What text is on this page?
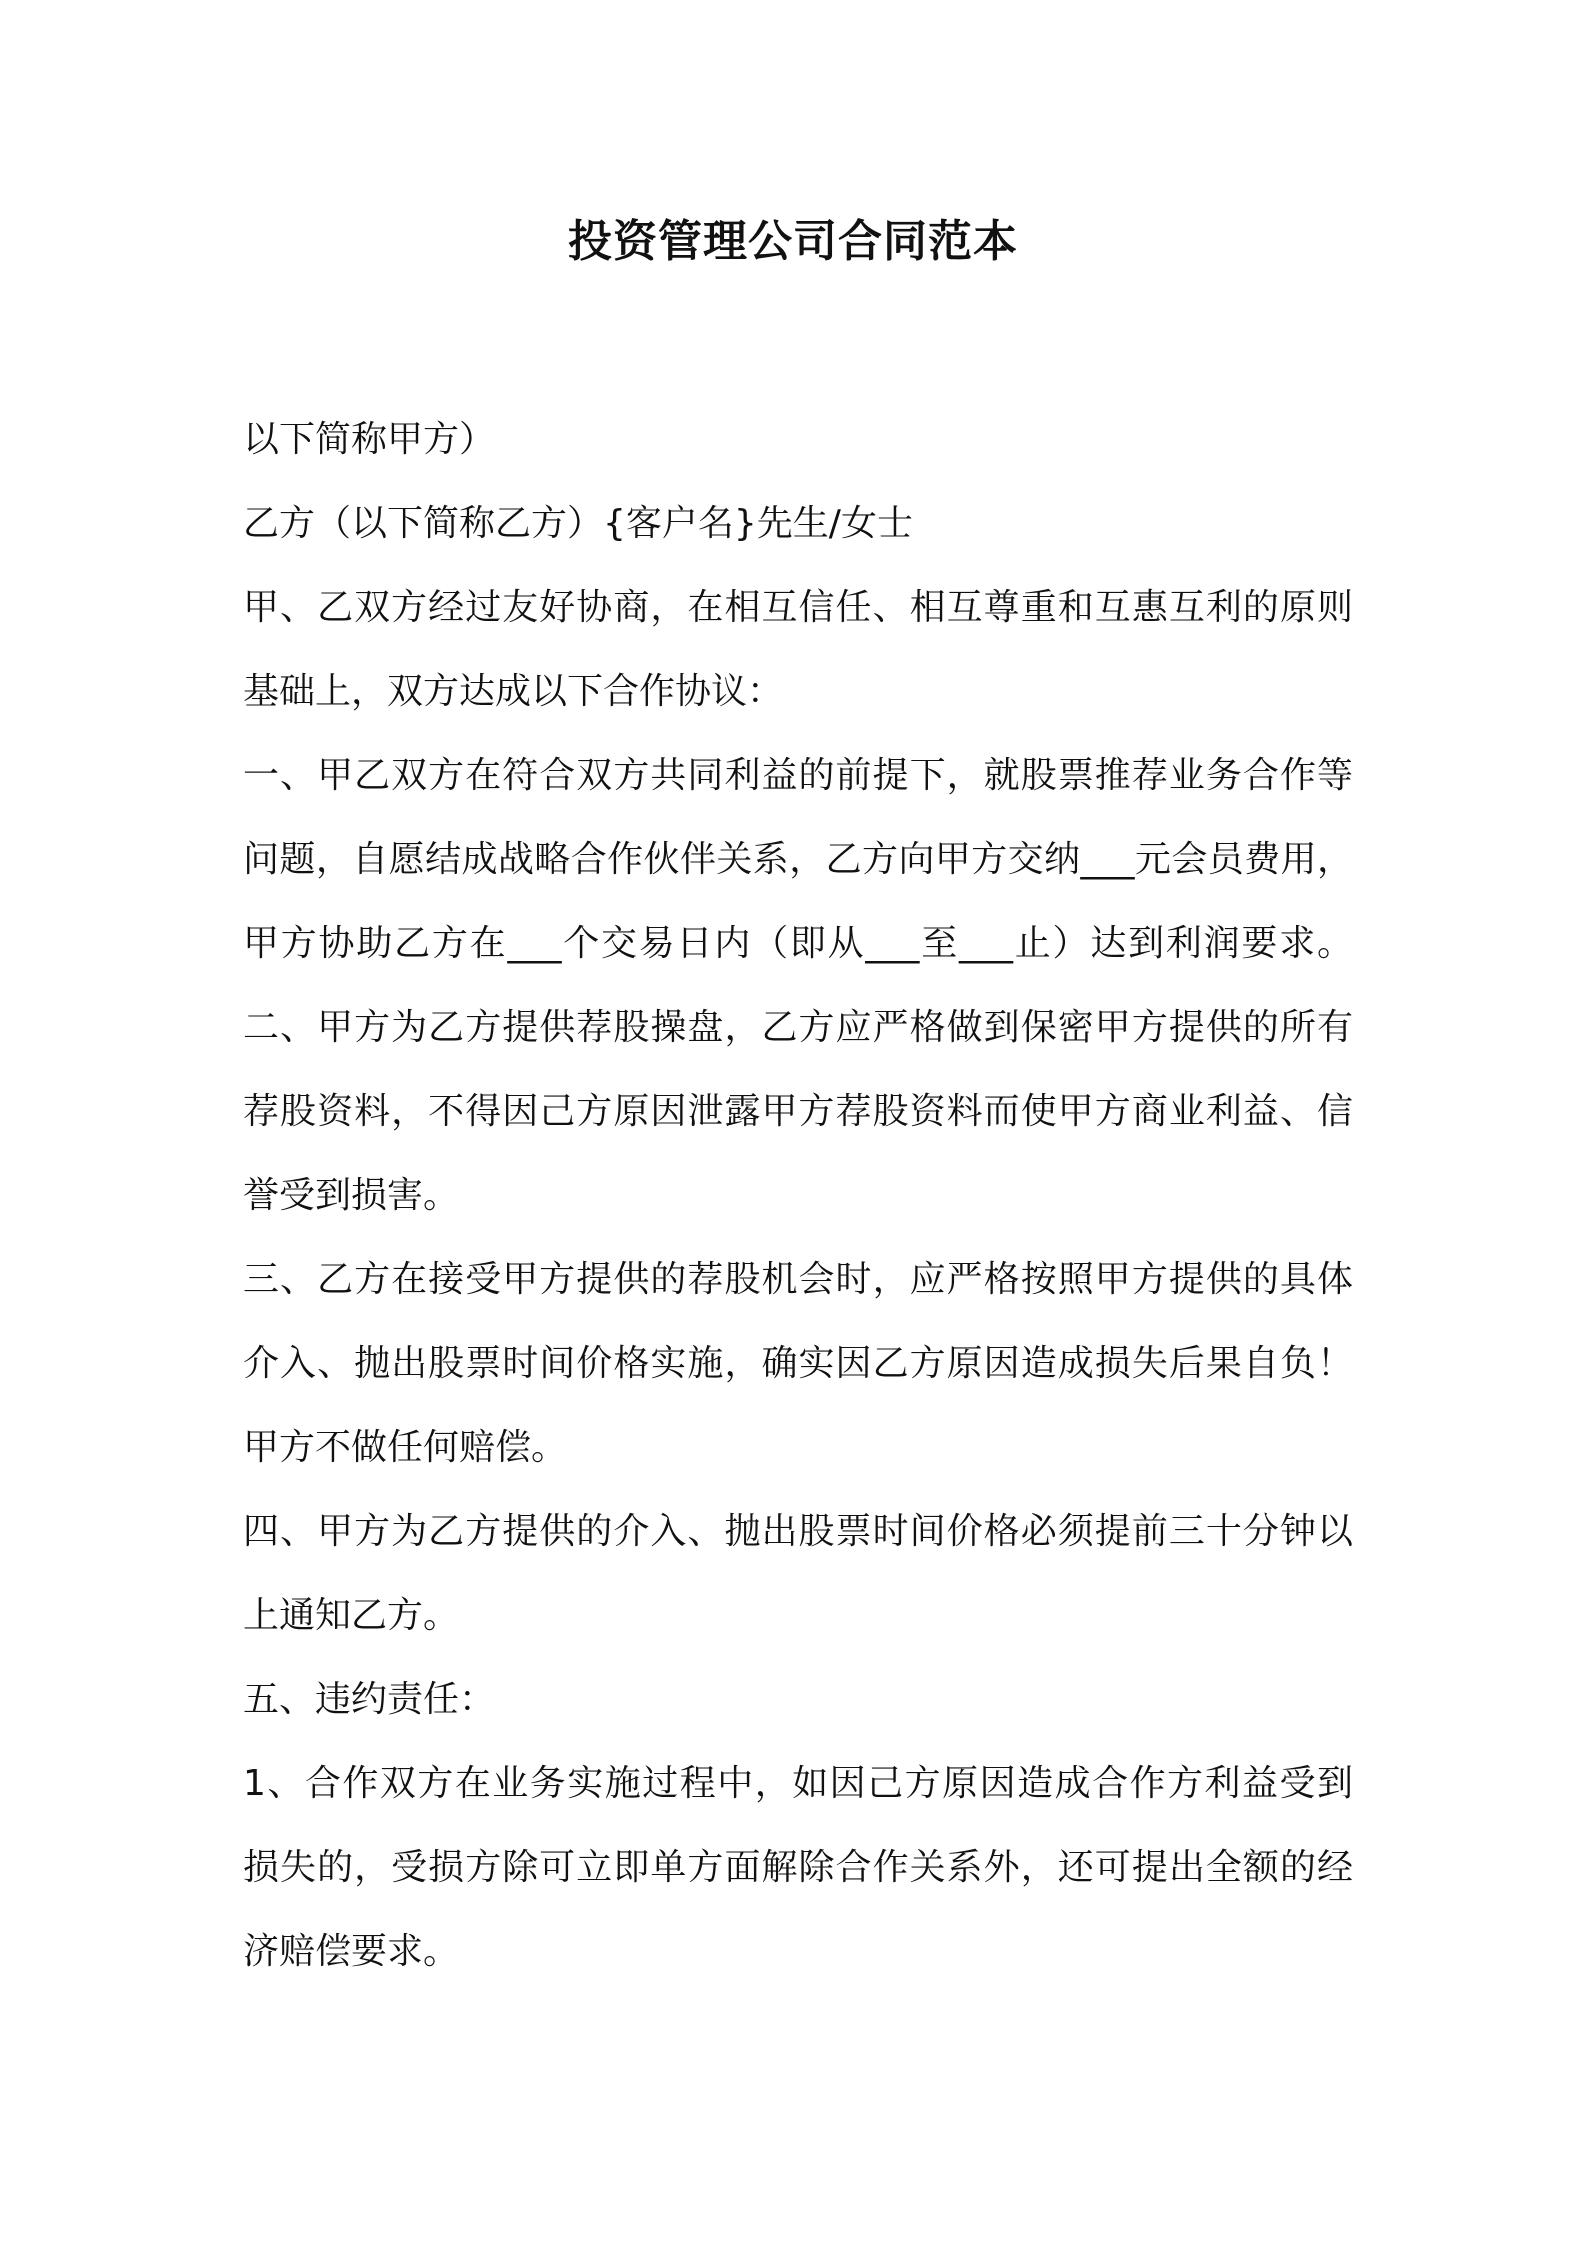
投资管理公司合同范本

以下简称甲方）

乙方（以下简称乙方）{客户名}先生/女士

甲、乙双方经过友好协商，在相互信任、相互尊重和互惠互利的原则

基础上，双方达成以下合作协议：

一、甲乙双方在符合双方共同利益的前提下，就股票推荐业务合作等

问题，自愿结成战略合作伙伴关系，乙方向甲方交纳___元会员费用，

甲方协助乙方在___个交易日内（即从___至___止）达到利润要求。

二、甲方为乙方提供荐股操盘，乙方应严格做到保密甲方提供的所有

荐股资料，不得因己方原因泄露甲方荐股资料而使甲方商业利益、信

誉受到损害。

三、乙方在接受甲方提供的荐股机会时，应严格按照甲方提供的具体

介入、抛出股票时间价格实施，确实因乙方原因造成损失后果自负！

甲方不做任何赔偿。

四、甲方为乙方提供的介入、抛出股票时间价格必须提前三十分钟以

上通知乙方。

五、违约责任：

1、合作双方在业务实施过程中，如因己方原因造成合作方利益受到

损失的，受损方除可立即单方面解除合作关系外，还可提出全额的经

济赔偿要求。
